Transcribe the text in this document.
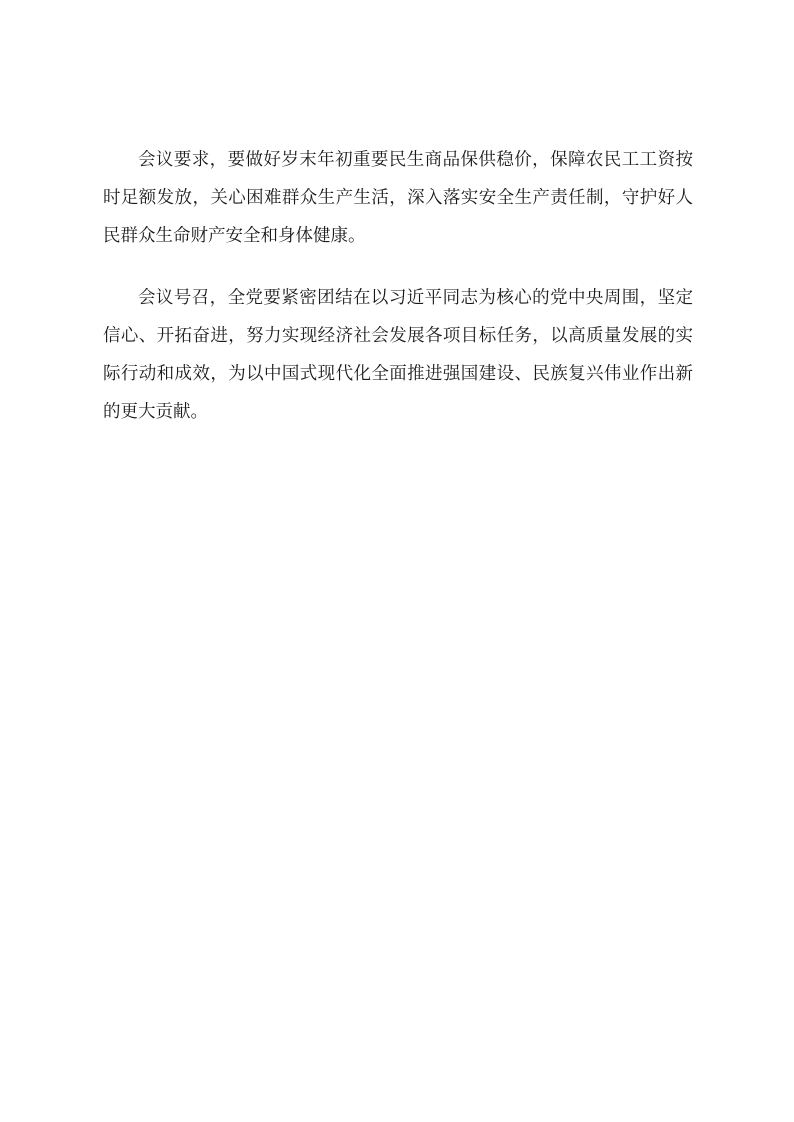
会议要求，要做好岁末年初重要民生商品保供稳价，保障农民工工资按时足额发放，关心困难群众生产生活，深入落实安全生产责任制，守护好人民群众生命财产安全和身体健康。

会议号召，全党要紧密团结在以习近平同志为核心的党中央周围，坚定信心、开拓奋进，努力实现经济社会发展各项目标任务，以高质量发展的实际行动和成效，为以中国式现代化全面推进强国建设、民族复兴伟业作出新的更大贡献。
